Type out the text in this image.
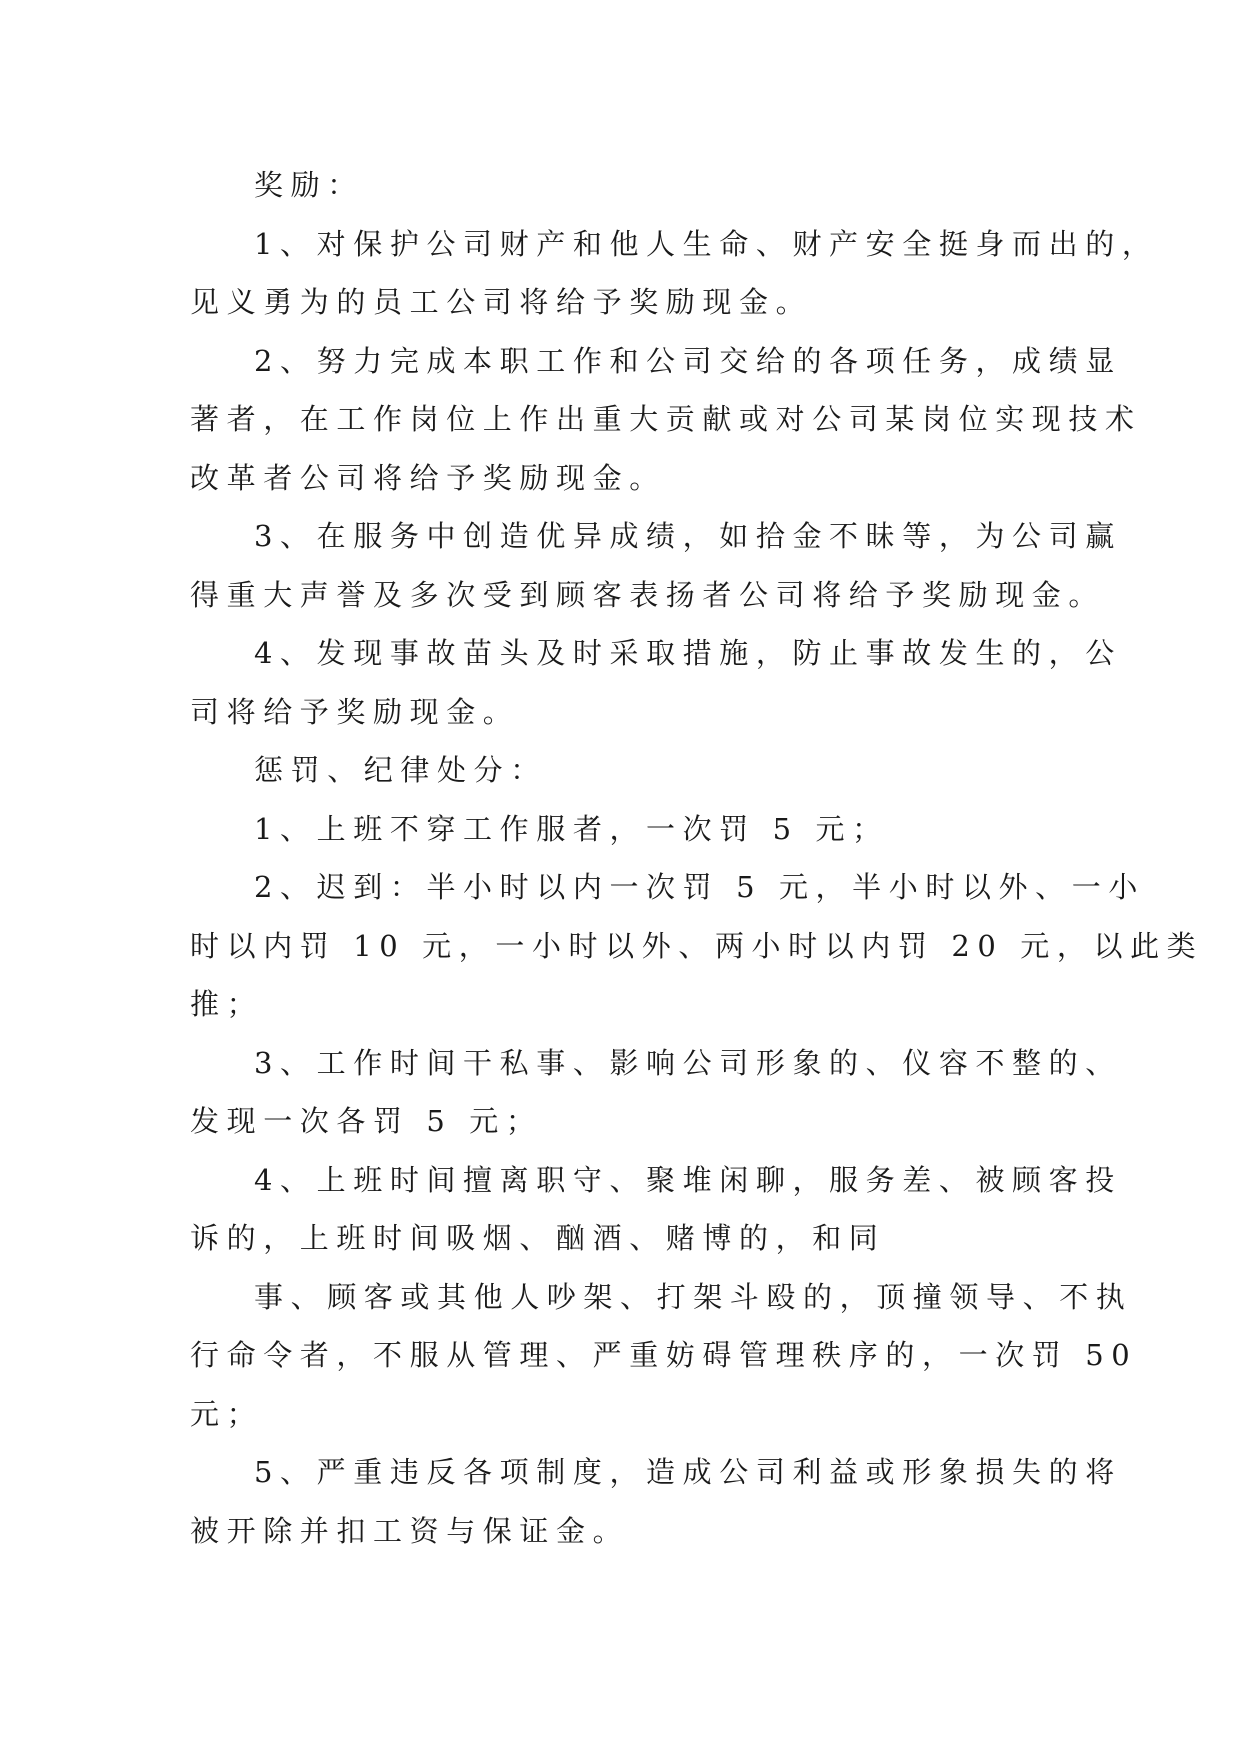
奖励：
1、对保护公司财产和他人生命、财产安全挺身而出的，
见义勇为的员工公司将给予奖励现金。
2、努力完成本职工作和公司交给的各项任务，成绩显
著者，在工作岗位上作出重大贡献或对公司某岗位实现技术
改革者公司将给予奖励现金。
3、在服务中创造优异成绩，如拾金不昧等，为公司赢
得重大声誉及多次受到顾客表扬者公司将给予奖励现金。
4、发现事故苗头及时采取措施，防止事故发生的，公
司将给予奖励现金。
惩罚、纪律处分：
1、上班不穿工作服者，一次罚 5 元；
2、迟到：半小时以内一次罚 5 元，半小时以外、一小
时以内罚 10 元，一小时以外、两小时以内罚 20 元，以此类
推；
3、工作时间干私事、影响公司形象的、仪容不整的、
发现一次各罚 5 元；
4、上班时间擅离职守、聚堆闲聊，服务差、被顾客投
诉的，上班时间吸烟、酗酒、赌博的，和同
事、顾客或其他人吵架、打架斗殴的，顶撞领导、不执
行命令者，不服从管理、严重妨碍管理秩序的，一次罚 50
元；
5、严重违反各项制度，造成公司利益或形象损失的将
被开除并扣工资与保证金。
